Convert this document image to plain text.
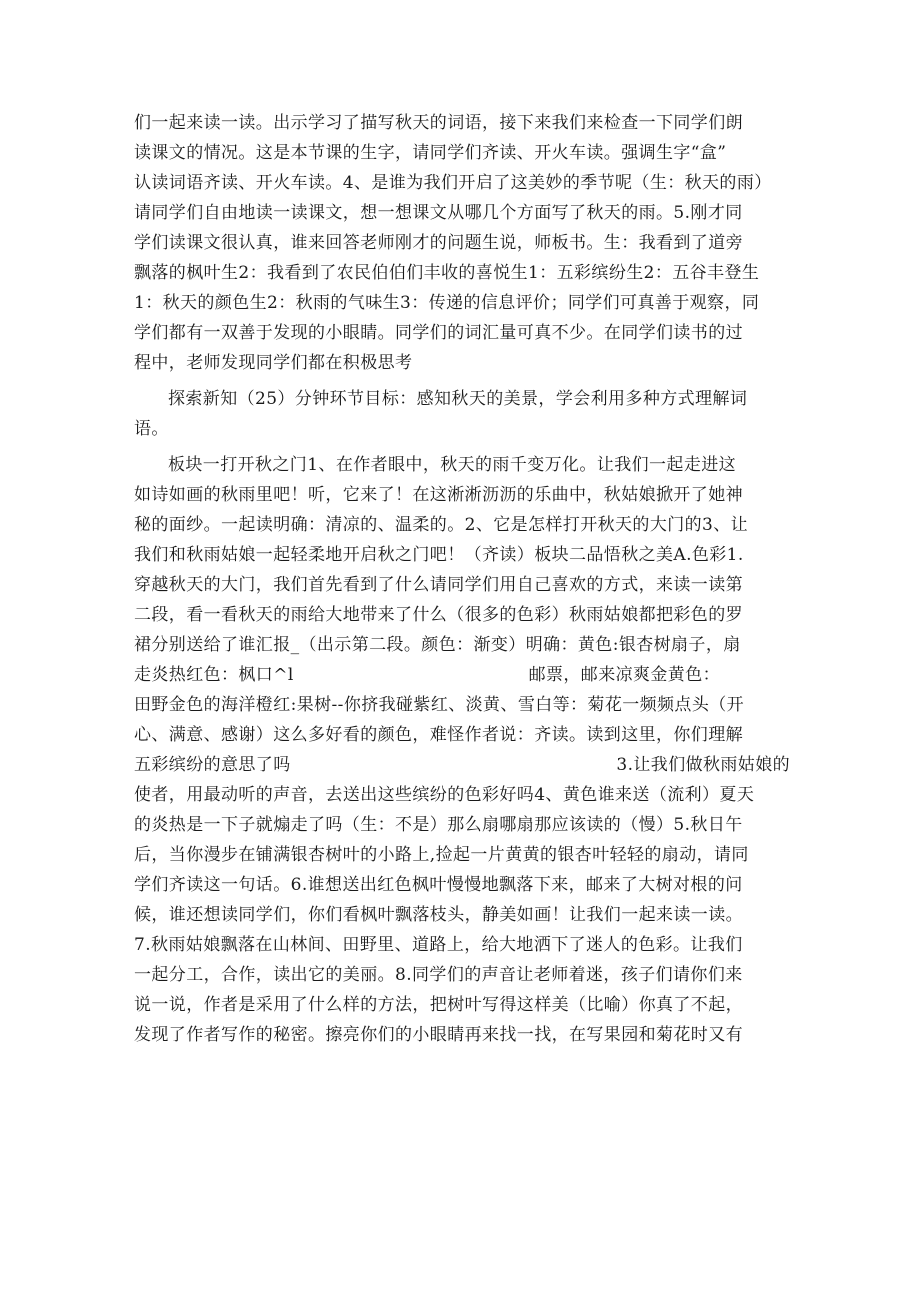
们一起来读一读。出示学习了描写秋天的词语，接下来我们来检查一下同学们朗
读课文的情况。这是本节课的生字，请同学们齐读、开火车读。强调生字“盒”
认读词语齐读、开火车读。4、是谁为我们开启了这美妙的季节呢（生：秋天的雨）
请同学们自由地读一读课文，想一想课文从哪几个方面写了秋天的雨。5.刚才同
学们读课文很认真，谁来回答老师刚才的问题生说，师板书。生：我看到了道旁
飘落的枫叶生2：我看到了农民伯伯们丰收的喜悦生1：五彩缤纷生2：五谷丰登生
1：秋天的颜色生2：秋雨的气味生3：传递的信息评价；同学们可真善于观察，同
学们都有一双善于发现的小眼睛。同学们的词汇量可真不少。在同学们读书的过
程中，老师发现同学们都在积极思考

探索新知（25）分钟环节目标：感知秋天的美景，学会利用多种方式理解词
语。

板块一打开秋之门1、在作者眼中，秋天的雨千变万化。让我们一起走进这
如诗如画的秋雨里吧！听，它来了！在这淅淅沥沥的乐曲中，秋姑娘掀开了她神
秘的面纱。一起读明确：清凉的、温柔的。2、它是怎样打开秋天的大门的3、让
我们和秋雨姑娘一起轻柔地开启秋之门吧！（齐读）板块二品悟秋之美A.色彩1.
穿越秋天的大门，我们首先看到了什么请同学们用自己喜欢的方式，来读一读第
二段，看一看秋天的雨给大地带来了什么（很多的色彩）秋雨姑娘都把彩色的罗
裙分别送给了谁汇报_（出示第二段。颜色：渐变）明确：黄色:银杏树扇子，扇
走炎热红色：枫口^l	邮票，邮来凉爽金黄色：
田野金色的海洋橙红:果树--你挤我碰紫红、淡黄、雪白等：菊花一频频点头（开
心、满意、感谢）这么多好看的颜色，难怪作者说：齐读。读到这里，你们理解
五彩缤纷的意思了吗	3.让我们做秋雨姑娘的
使者，用最动听的声音，去送出这些缤纷的色彩好吗4、黄色谁来送（流利）夏天
的炎热是一下子就煽走了吗（生：不是）那么扇哪扇那应该读的（慢）5.秋日午
后，当你漫步在铺满银杏树叶的小路上,捡起一片黄黄的银杏叶轻轻的扇动，请同
学们齐读这一句话。6.谁想送出红色枫叶慢慢地飘落下来，邮来了大树对根的问
候，谁还想读同学们，你们看枫叶飘落枝头，静美如画！让我们一起来读一读。
7.秋雨姑娘飘落在山林间、田野里、道路上，给大地洒下了迷人的色彩。让我们
一起分工，合作，读出它的美丽。8.同学们的声音让老师着迷，孩子们请你们来
说一说，作者是采用了什么样的方法，把树叶写得这样美（比喻）你真了不起，
发现了作者写作的秘密。擦亮你们的小眼睛再来找一找，在写果园和菊花时又有
